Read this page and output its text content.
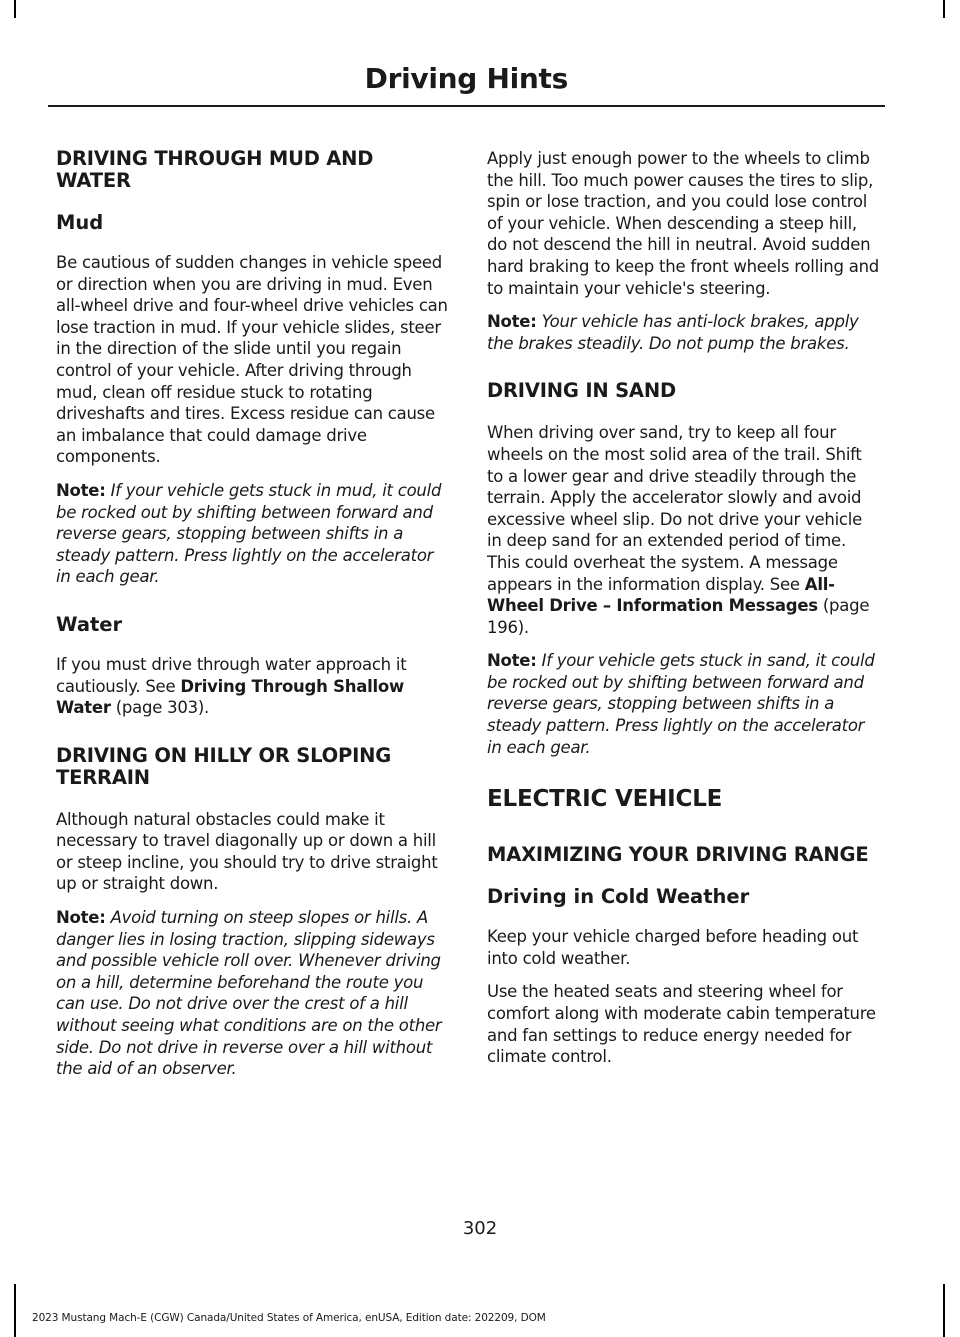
Driving Hints
DRIVING THROUGH MUD AND WATER
Mud

Be cautious of sudden changes in vehicle speed or direction when you are driving in mud. Even all-wheel drive and four-wheel drive vehicles can lose traction in mud. If your vehicle slides, steer in the direction of the slide until you regain control of your vehicle. After driving through mud, clean off residue stuck to rotating driveshafts and tires. Excess residue can cause an imbalance that could damage drive components.

Note: If your vehicle gets stuck in mud, it could be rocked out by shifting between forward and reverse gears, stopping between shifts in a steady pattern. Press lightly on the accelerator in each gear.

Water

If you must drive through water approach it cautiously. See Driving Through Shallow Water (page 303).

DRIVING ON HILLY OR SLOPING TERRAIN

Although natural obstacles could make it necessary to travel diagonally up or down a hill or steep incline, you should try to drive straight up or straight down.

Note: Avoid turning on steep slopes or hills. A danger lies in losing traction, slipping sideways and possible vehicle roll over. Whenever driving on a hill, determine beforehand the route you can use. Do not drive over the crest of a hill without seeing what conditions are on the other side. Do not drive in reverse over a hill without the aid of an observer.

Apply just enough power to the wheels to climb the hill. Too much power causes the tires to slip, spin or lose traction, and you could lose control of your vehicle. When descending a steep hill, do not descend the hill in neutral. Avoid sudden hard braking to keep the front wheels rolling and to maintain your vehicle's steering.

Note: Your vehicle has anti-lock brakes, apply the brakes steadily. Do not pump the brakes.

DRIVING IN SAND

When driving over sand, try to keep all four wheels on the most solid area of the trail. Shift to a lower gear and drive steadily through the terrain. Apply the accelerator slowly and avoid excessive wheel slip. Do not drive your vehicle in deep sand for an extended period of time. This could overheat the system. A message appears in the information display. See All-Wheel Drive – Information Messages (page 196).

Note: If your vehicle gets stuck in sand, it could be rocked out by shifting between forward and reverse gears, stopping between shifts in a steady pattern. Press lightly on the accelerator in each gear.

ELECTRIC VEHICLE
MAXIMIZING YOUR DRIVING RANGE
Driving in Cold Weather

Keep your vehicle charged before heading out into cold weather.

Use the heated seats and steering wheel for comfort along with moderate cabin temperature and fan settings to reduce energy needed for climate control.

302
2023 Mustang Mach-E (CGW) Canada/United States of America, enUSA, Edition date: 202209, DOM
